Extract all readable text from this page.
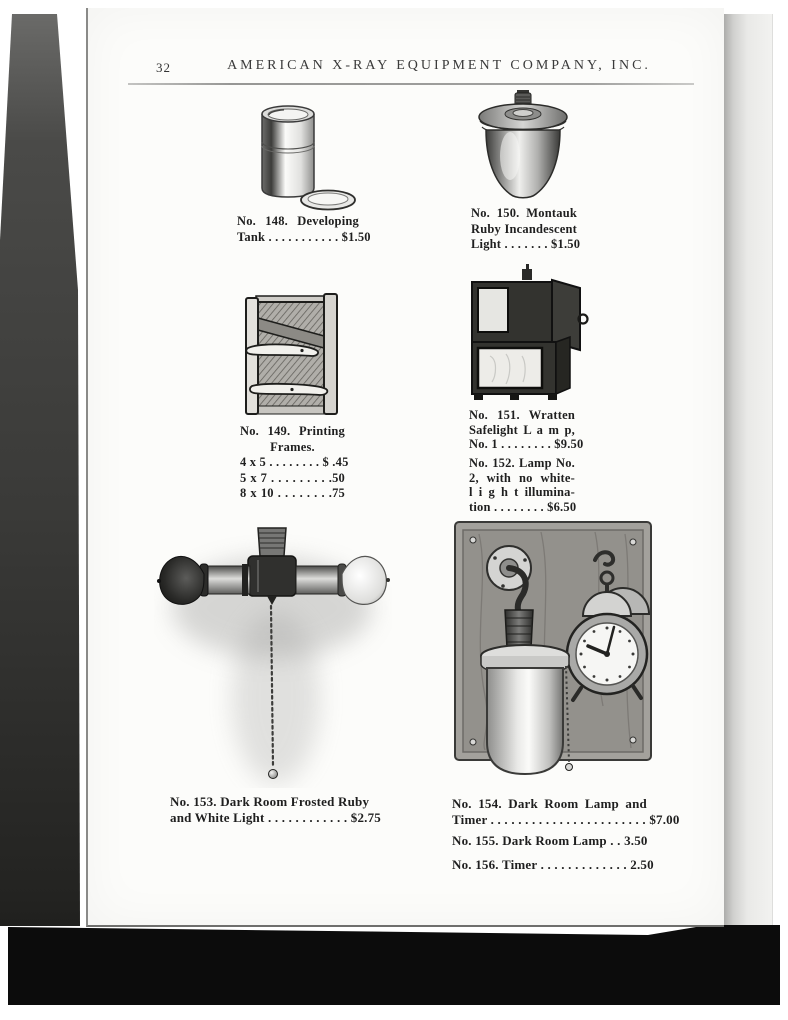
32	AMERICAN X-RAY EQUIPMENT COMPANY, INC.
No. 148. Developing
Tank . . . . . . . . . . . $1.50
No. 150. Montauk
Ruby Incandescent
Light . . . . . . . $1.50
No. 149. Printing
Frames.
4 x 5 . . . . . . . . $ .45
5 x 7 . . . . . . . . .50
8 x 10 . . . . . . . .75
No. 151. Wratten
Safelight L a m p,
No. 1 . . . . . . . . $9.50
No. 152. Lamp No.
2, with no white-
l i g h t illumina-
tion . . . . . . . . $6.50
No. 153. Dark Room Frosted Ruby
and White Light . . . . . . . . . . . . $2.75
No. 154. Dark Room Lamp and
Timer . . . . . . . . . . . . . . . . . . . . . . . $7.00
No. 155. Dark Room Lamp . . 3.50
No. 156. Timer . . . . . . . . . . . . . 2.50
